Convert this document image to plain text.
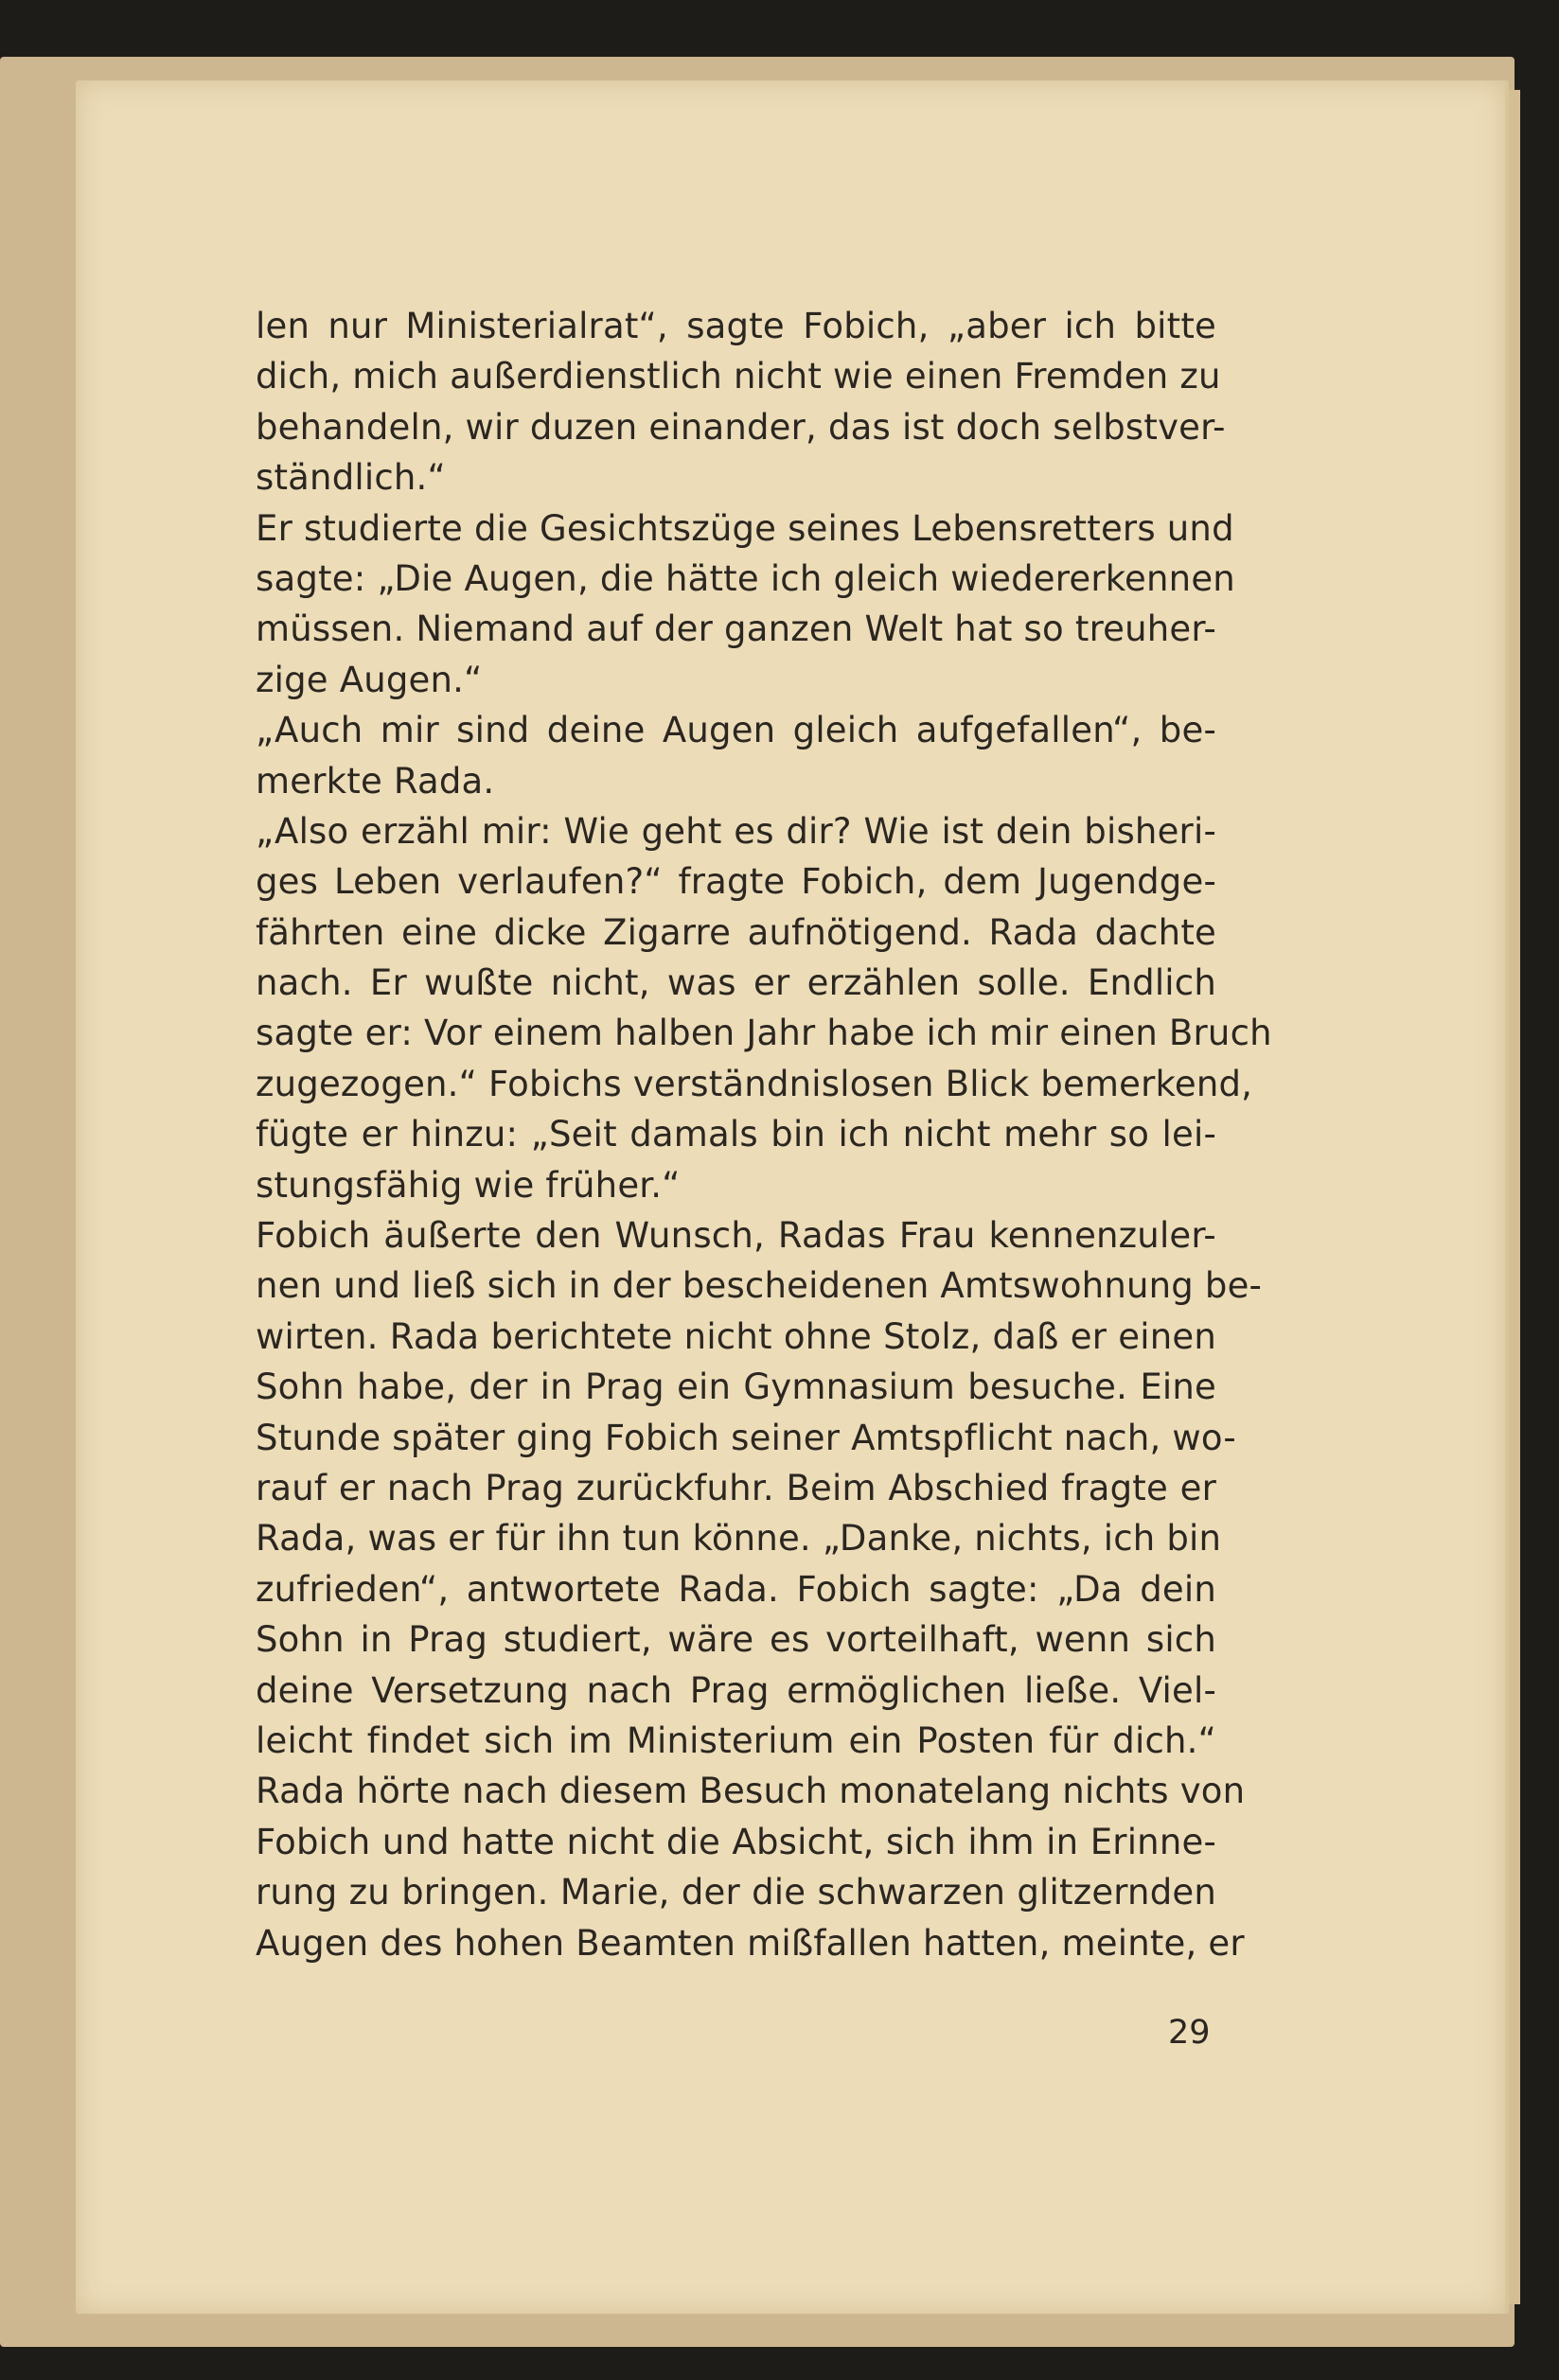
len nur Ministerialrat“, sagte Fobich, „aber ich bitte
dich, mich außerdienstlich nicht wie einen Fremden zu
behandeln, wir duzen einander, das ist doch selbstver-
ständlich.“
Er studierte die Gesichtszüge seines Lebensretters und
sagte: „Die Augen, die hätte ich gleich wiedererkennen
müssen. Niemand auf der ganzen Welt hat so treuher-
zige Augen.“
„Auch mir sind deine Augen gleich aufgefallen“, be-
merkte Rada.
„Also erzähl mir: Wie geht es dir? Wie ist dein bisheri-
ges Leben verlaufen?“ fragte Fobich, dem Jugendge-
fährten eine dicke Zigarre aufnötigend. Rada dachte
nach. Er wußte nicht, was er erzählen solle. Endlich
sagte er: Vor einem halben Jahr habe ich mir einen Bruch
zugezogen.“ Fobichs verständnislosen Blick bemerkend,
fügte er hinzu: „Seit damals bin ich nicht mehr so lei-
stungsfähig wie früher.“
Fobich äußerte den Wunsch, Radas Frau kennenzuler-
nen und ließ sich in der bescheidenen Amtswohnung be-
wirten. Rada berichtete nicht ohne Stolz, daß er einen
Sohn habe, der in Prag ein Gymnasium besuche. Eine
Stunde später ging Fobich seiner Amtspflicht nach, wo-
rauf er nach Prag zurückfuhr. Beim Abschied fragte er
Rada, was er für ihn tun könne. „Danke, nichts, ich bin
zufrieden“, antwortete Rada. Fobich sagte: „Da dein
Sohn in Prag studiert, wäre es vorteilhaft, wenn sich
deine Versetzung nach Prag ermöglichen ließe. Viel-
leicht findet sich im Ministerium ein Posten für dich.“
Rada hörte nach diesem Besuch monatelang nichts von
Fobich und hatte nicht die Absicht, sich ihm in Erinne-
rung zu bringen. Marie, der die schwarzen glitzernden
Augen des hohen Beamten mißfallen hatten, meinte, er
29
